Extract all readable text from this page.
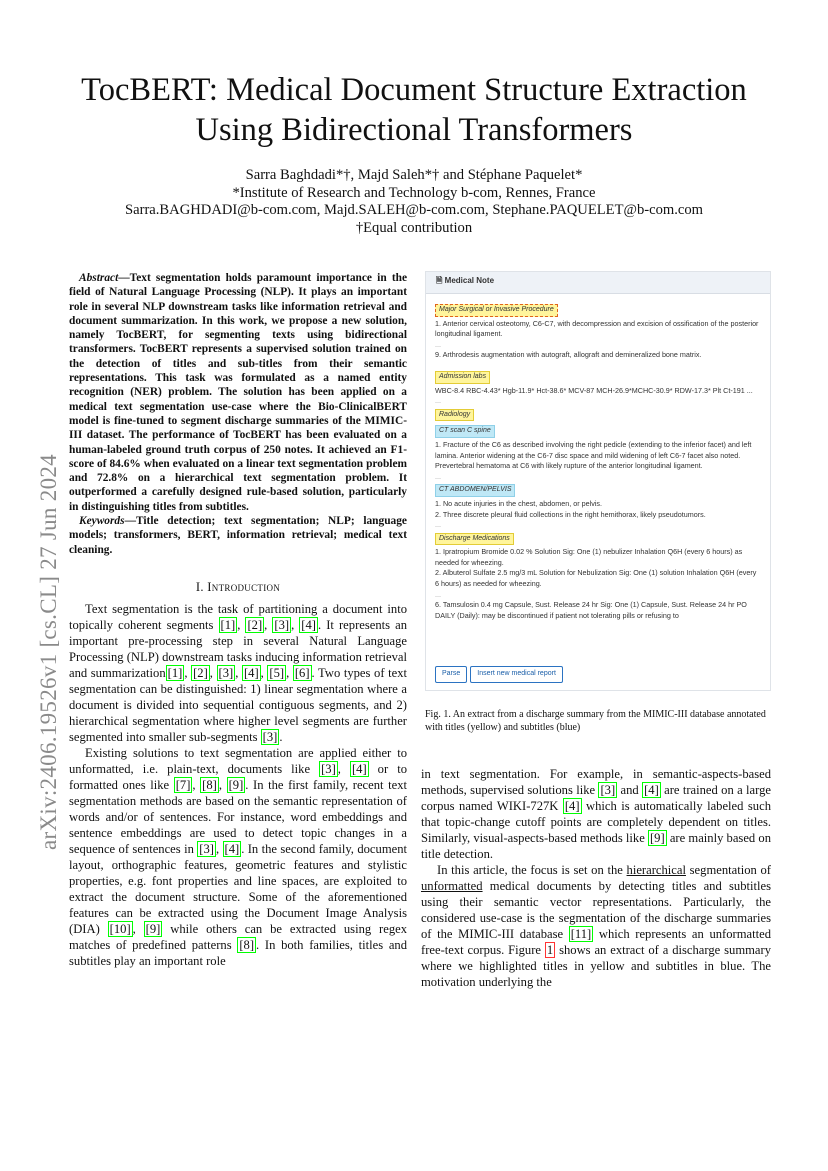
TocBERT: Medical Document Structure Extraction
Using Bidirectional Transformers
Sarra Baghdadi*†, Majd Saleh*† and Stéphane Paquelet*
*Institute of Research and Technology b-com, Rennes, France
Sarra.BAGHDADI@b-com.com, Majd.SALEH@b-com.com, Stephane.PAQUELET@b-com.com
†Equal contribution
arXiv:2406.19526v1 [cs.CL] 27 Jun 2024

Abstract—Text segmentation holds paramount importance in the field of Natural Language Processing (NLP). It plays an important role in several NLP downstream tasks like information retrieval and document summarization. In this work, we propose a new solution, namely TocBERT, for segmenting texts using bidirectional transformers. TocBERT represents a supervised solution trained on the detection of titles and sub-titles from their semantic representations. This task was formulated as a named entity recognition (NER) problem. The solution has been applied on a medical text segmentation use-case where the Bio-ClinicalBERT model is fine-tuned to segment discharge summaries of the MIMIC-III dataset. The performance of TocBERT has been evaluated on a human-labeled ground truth corpus of 250 notes. It achieved an F1-score of 84.6% when evaluated on a linear text segmentation problem and 72.8% on a hierarchical text segmentation problem. It outperformed a carefully designed rule-based solution, particularly in distinguishing titles from subtitles.

Keywords—Title detection; text segmentation; NLP; language models; transformers, BERT, information retrieval; medical text cleaning.

I. Introduction

Text segmentation is the task of partitioning a document into topically coherent segments [1] , [2] , [3] , [4] . It represents an important pre-processing step in several Natural Language Processing (NLP) downstream tasks inducing information retrieval and summarization [1] , [2] , [3] , [4] , [5] , [6] . Two types of text segmentation can be distinguished: 1) linear segmentation where a document is divided into sequential contiguous segments, and 2) hierarchical segmentation where higher level segments are further segmented into smaller sub-segments [3] .

Existing solutions to text segmentation are applied either to unformatted, i.e. plain-text, documents like [3] , [4] or to formatted ones like [7] , [8] , [9] . In the first family, recent text segmentation methods are based on the semantic representation of words and/or of sentences. For instance, word embeddings and sentence embeddings are used to detect topic changes in a sequence of sentences in [3] , [4] . In the second family, document layout, orthographic features, geometric features and stylistic properties, e.g. font properties and line spaces, are exploited to extract the document structure. Some of the aforementioned features can be extracted using the Document Image Analysis (DIA) [10] , [9] while others can be extracted using regex matches of predefined patterns [8] . In both families, titles and subtitles play an important role

🗎 Medical Note
Major Surgical or Invasive Procedure
1. Anterior cervical osteotomy, C6-C7, with decompression and excision of ossification of the posterior longitudinal ligament.
...
9. Arthrodesis augmentation with autograft, allograft and demineralized bone matrix.
Admission labs
WBC-8.4 RBC-4.43* Hgb-11.9* Hct-38.6* MCV-87 MCH-26.9*MCHC-30.9* RDW-17.3* Plt Ct-191 ...
...
Radiology
CT scan C spine
1. Fracture of the C6 as described involving the right pedicle (extending to the inferior facet) and left lamina. Anterior widening at the C6-7 disc space and mild widening of left C6-7 facet also noted. Prevertebral hematoma at C6 with likely rupture of the anterior longitudinal ligament.
...
CT ABDOMEN/PELVIS
1. No acute injuries in the chest, abdomen, or pelvis.
2. Three discrete pleural fluid collections in the right hemithorax, likely pseudotumors.
...
Discharge Medications
1. Ipratropium Bromide 0.02 % Solution Sig: One (1) nebulizer Inhalation Q6H (every 6 hours) as needed for wheezing.
2. Albuterol Sulfate 2.5 mg/3 mL Solution for Nebulization Sig: One (1) solution Inhalation Q6H (every 6 hours) as needed for wheezing.
...
6. Tamsulosin 0.4 mg Capsule, Sust. Release 24 hr Sig: One (1) Capsule, Sust. Release 24 hr PO DAILY (Daily): may be discontinued if patient not tolerating pills or refusing to
Parse Insert new medical report
Fig. 1. An extract from a discharge summary from the MIMIC-III database annotated with titles (yellow) and subtitles (blue)

in text segmentation. For example, in semantic-aspects-based methods, supervised solutions like [3] and [4] are trained on a large corpus named WIKI-727K [4] which is automatically labeled such that topic-change cutoff points are completely dependent on titles. Similarly, visual-aspects-based methods like [9] are mainly based on title detection.

In this article, the focus is set on the hierarchical segmentation of unformatted medical documents by detecting titles and subtitles using their semantic vector representations. Particularly, the considered use-case is the segmentation of the discharge summaries of the MIMIC-III database [11] which represents an unformatted free-text corpus. Figure 1 shows an extract of a discharge summary where we highlighted titles in yellow and subtitles in blue. The motivation underlying the
